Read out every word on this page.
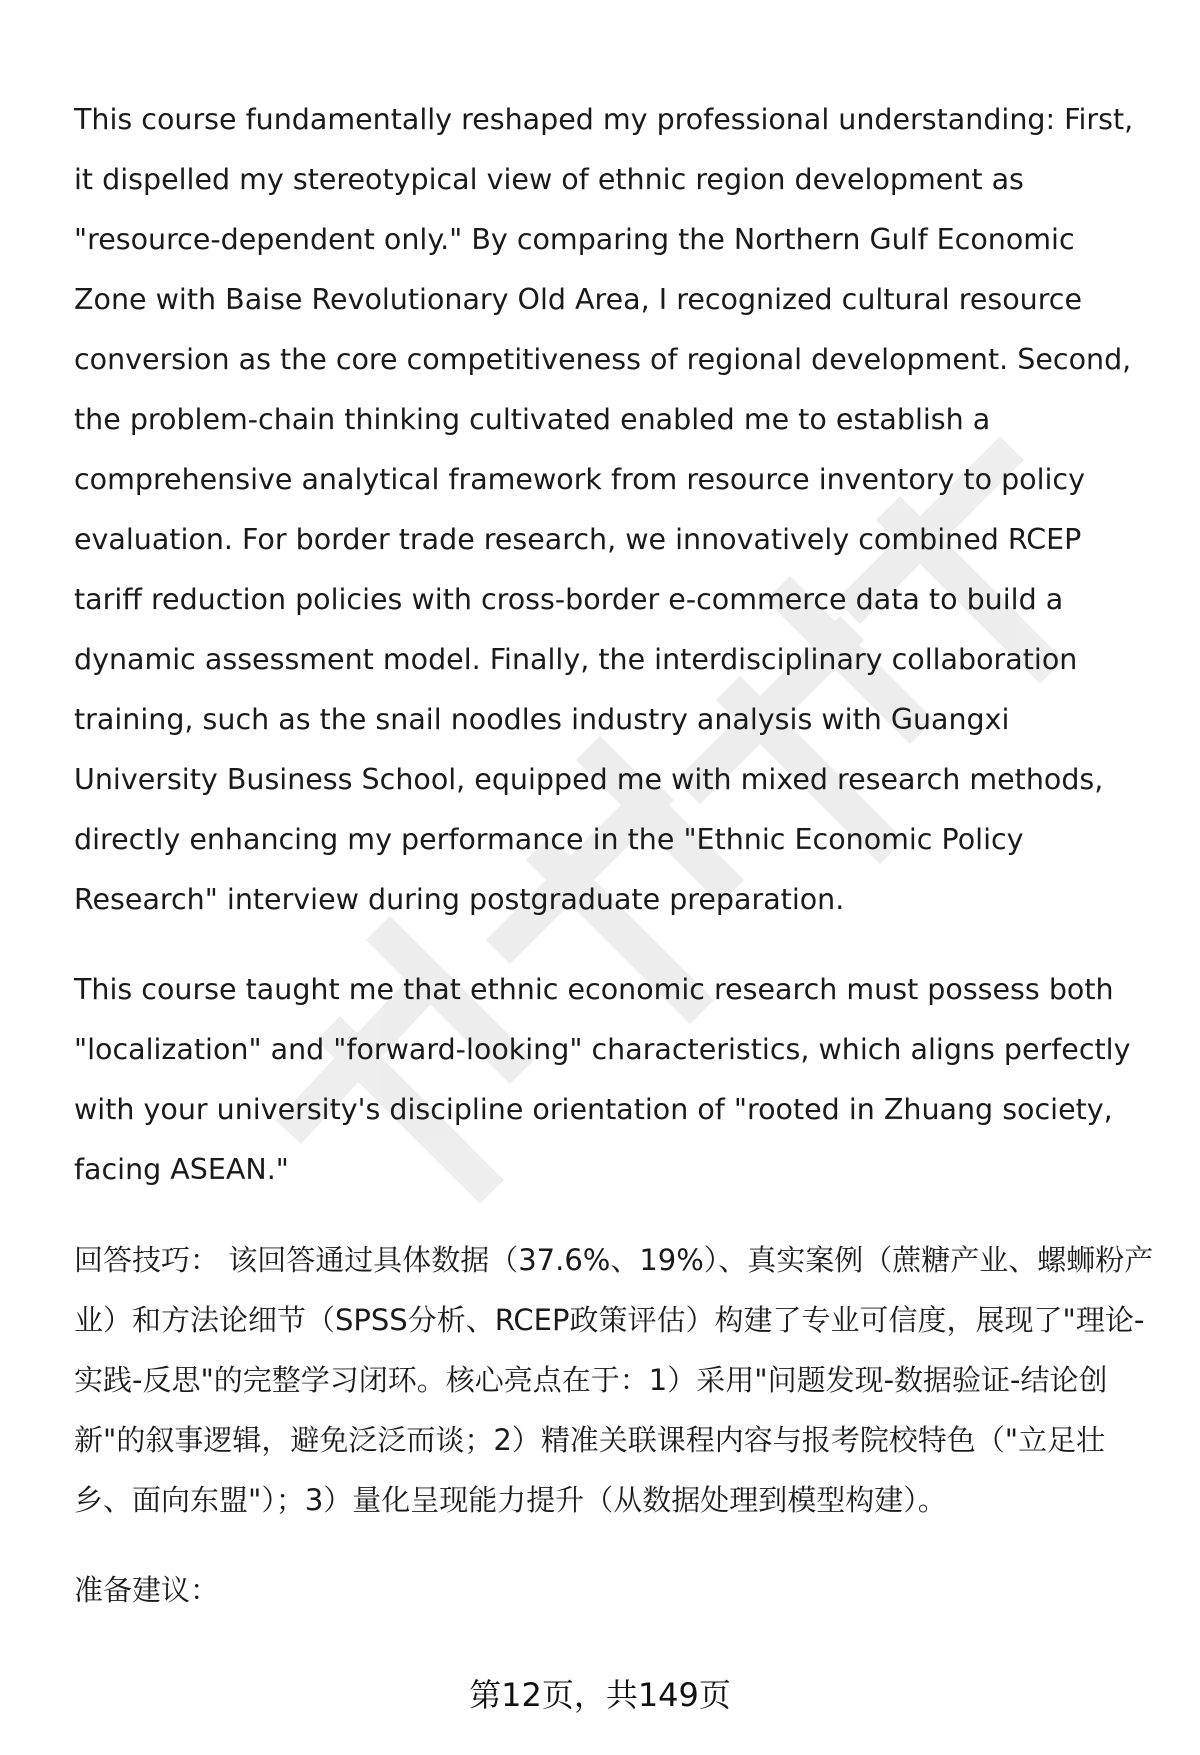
This course fundamentally reshaped my professional understanding: First, it dispelled my stereotypical view of ethnic region development as "resource-dependent only." By comparing the Northern Gulf Economic Zone with Baise Revolutionary Old Area, I recognized cultural resource conversion as the core competitiveness of regional development. Second, the problem-chain thinking cultivated enabled me to establish a comprehensive analytical framework from resource inventory to policy evaluation. For border trade research, we innovatively combined RCEP tariff reduction policies with cross-border e-commerce data to build a dynamic assessment model. Finally, the interdisciplinary collaboration training, such as the snail noodles industry analysis with Guangxi University Business School, equipped me with mixed research methods, directly enhancing my performance in the "Ethnic Economic Policy Research" interview during postgraduate preparation.

This course taught me that ethnic economic research must possess both "localization" and "forward-looking" characteristics, which aligns perfectly with your university's discipline orientation of "rooted in Zhuang society, facing ASEAN."

回答技巧： 该回答通过具体数据（37.6%、19%）、真实案例（蔗糖产业、螺蛳粉产业）和方法论细节（SPSS分析、RCEP政策评估）构建了专业可信度，展现了"理论-实践-反思"的完整学习闭环。核心亮点在于：1）采用"问题发现-数据验证-结论创新"的叙事逻辑，避免泛泛而谈；2）精准关联课程内容与报考院校特色（"立足壮乡、面向东盟"）；3）量化呈现能力提升（从数据处理到模型构建）。

准备建议：

第12页，共149页
